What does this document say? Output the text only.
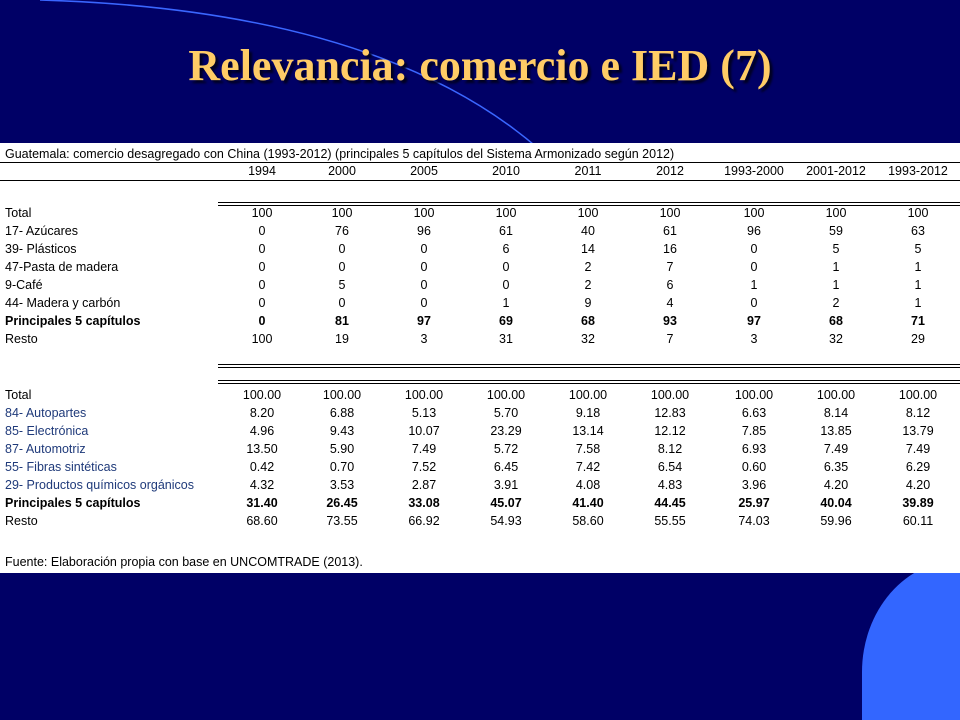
Relevancia: comercio e IED (7)
Guatemala: comercio desagregado con China (1993-2012) (principales 5 capítulos del Sistema Armonizado según 2012)
1994	2000	2005	2010	2011	2012	1993-2000	2001-2012	1993-2012
Total	100	100	100	100	100	100	100	100	100
17- Azúcares	0	76	96	61	40	61	96	59	63
39- Plásticos	0	0	0	6	14	16	0	5	5
47-Pasta de madera	0	0	0	0	2	7	0	1	1
9-Café	0	5	0	0	2	6	1	1	1
44- Madera y carbón	0	0	0	1	9	4	0	2	1
Principales 5 capítulos	0	81	97	69	68	93	97	68	71
Resto	100	19	3	31	32	7	3	32	29
Total	100.00	100.00	100.00	100.00	100.00	100.00	100.00	100.00	100.00
84- Autopartes	8.20	6.88	5.13	5.70	9.18	12.83	6.63	8.14	8.12
85- Electrónica	4.96	9.43	10.07	23.29	13.14	12.12	7.85	13.85	13.79
87- Automotriz	13.50	5.90	7.49	5.72	7.58	8.12	6.93	7.49	7.49
55- Fibras sintéticas	0.42	0.70	7.52	6.45	7.42	6.54	0.60	6.35	6.29
29- Productos químicos orgánicos	4.32	3.53	2.87	3.91	4.08	4.83	3.96	4.20	4.20
Principales 5 capítulos	31.40	26.45	33.08	45.07	41.40	44.45	25.97	40.04	39.89
Resto	68.60	73.55	66.92	54.93	58.60	55.55	74.03	59.96	60.11
Fuente: Elaboración propia con base en UNCOMTRADE (2013).
